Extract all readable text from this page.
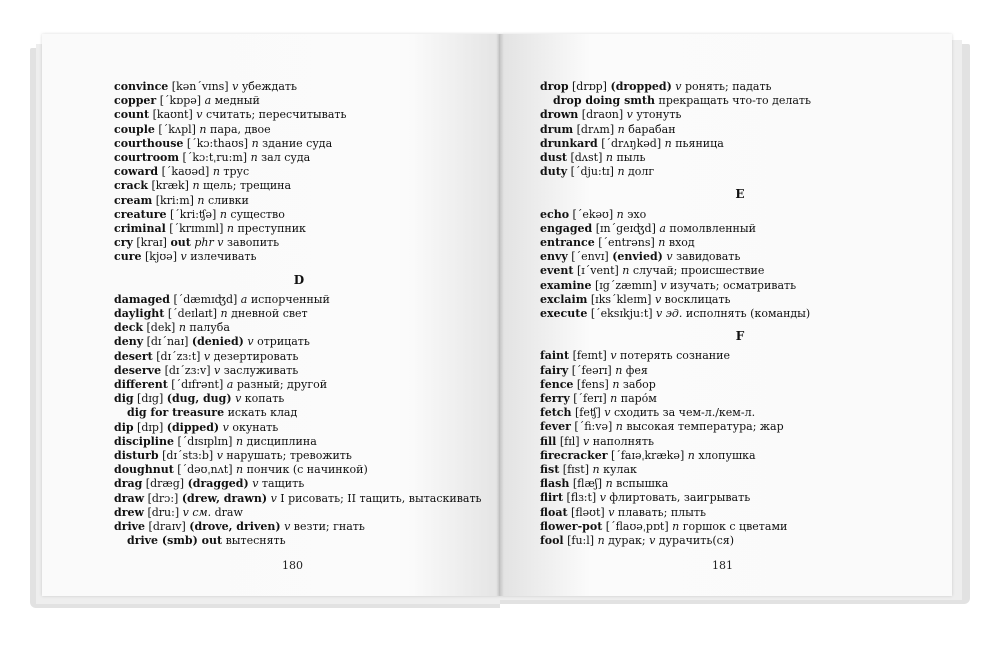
convince [kən´vɪns] v убеждать
copper [´kɒpə] a медный
count [kaʊnt] v считать; пересчитывать
couple [´kʌpl] n пара, двое
courthouse [´kɔ:thaʊs] n здание суда
courtroom [´kɔ:tˌru:m] n зал суда
coward [´kaʊəd] n трус
crack [kræk] n щель; трещина
cream [kri:m] n сливки
creature [´kri:ʧə] n существо
criminal [´krɪmɪnl] n преступник
cry [kraɪ] out phr v завопить
cure [kjʊə] v излечивать
D
damaged [´dæmɪʤd] a испорченный
daylight [´deɪlaɪt] n дневной свет
deck [dek] n палуба
deny [dɪ´naɪ] (denied) v отрицать
desert [dɪ´zɜ:t] v дезертировать
deserve [dɪ´zɜ:v] v заслуживать
different [´dɪfrənt] a разный; другой
dig [dɪg] (dug, dug) v копать
dig for treasure искать клад
dip [dɪp] (dipped) v окунать
discipline [´dɪsɪplɪn] n дисциплина
disturb [dɪ´stɜ:b] v нарушать; тревожить
doughnut [´dəʊˌnʌt] n пончик (с начинкой)
drag [dræg] (dragged) v тащить
draw [drɔ:] (drew, drawn) v I рисовать; II тащить, вытаскивать
drew [dru:] v см. draw
drive [draɪv] (drove, driven) v везти; гнать
drive (smb) out вытеснять
180
drop [drɒp] (dropped) v ронять; падать
drop doing smth прекращать что-то делать
drown [draʊn] v утонуть
drum [drʌm] n барабан
drunkard [´drʌŋkəd] n пьяница
dust [dʌst] n пыль
duty [´dju:tɪ] n долг
E
echo [´ekəʊ] n эхо
engaged [ɪn´geɪʤd] a помолвленный
entrance [´entrəns] n вход
envy [´envɪ] (envied) v завидовать
event [ɪ´vent] n случай; происшествие
examine [ɪg´zæmɪn] v изучать; осматривать
exclaim [ɪks´kleɪm] v восклицать
execute [´eksɪkju:t] v эд. исполнять (команды)
F
faint [feɪnt] v потерять сознание
fairy [´feərɪ] n фея
fence [fens] n забор
ferry [´ferɪ] n паро́м
fetch [feʧ] v сходить за чем-л./кем-л.
fever [´fi:və] n высокая температура; жар
fill [fɪl] v наполнять
firecracker [´faɪəˌkrækə] n хлопушка
fist [fɪst] n кулак
flash [flæʃ] n вспышка
flirt [flɜ:t] v флиртовать, заигрывать
float [fləʊt] v плавать; плыть
flower-pot [´flaʊəˌpɒt] n горшок с цветами
fool [fu:l] n дурак; v дурачить(ся)
181
